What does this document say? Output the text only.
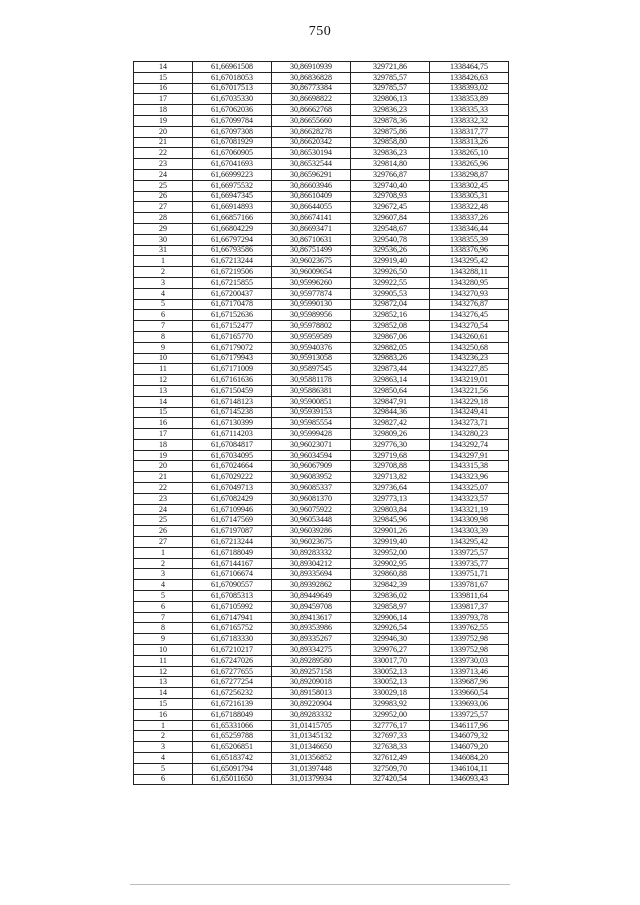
750
14	61,66961508	30,86910939	329721,86	1338464,75
15	61,67018053	30,86836828	329785,57	1338426,63
16	61,67017513	30,86773384	329785,57	1338393,02
17	61,67035330	30,86698822	329806,13	1338353,89
18	61,67062036	30,86662768	329836,23	1338335,33
19	61,67099784	30,86655660	329878,36	1338332,32
20	61,67097308	30,86628278	329875,86	1338317,77
21	61,67081929	30,86620342	329858,80	1338313,26
22	61,67060905	30,86530194	329836,23	1338265,10
23	61,67041693	30,86532544	329814,80	1338265,96
24	61,66999223	30,86596291	329766,87	1338298,87
25	61,66975532	30,86603946	329740,40	1338302,45
26	61,66947345	30,86610409	329708,93	1338305,31
27	61,66914893	30,86644055	329672,45	1338322,48
28	61,66857166	30,86674141	329607,84	1338337,26
29	61,66804229	30,86693471	329548,67	1338346,44
30	61,66797294	30,86710631	329540,78	1338355,39
31	61,66793586	30,86751499	329536,26	1338376,96
1	61,67213244	30,96023675	329919,40	1343295,42
2	61,67219506	30,96009654	329926,50	1343288,11
3	61,67215855	30,95996260	329922,55	1343280,95
4	61,67200437	30,95977874	329905,53	1343270,93
5	61,67170478	30,95990130	329872,04	1343276,87
6	61,67152636	30,95989956	329852,16	1343276,45
7	61,67152477	30,95978802	329852,08	1343270,54
8	61,67165770	30,95959589	329867,06	1343260,61
9	61,67179072	30,95940376	329882,05	1343250,68
10	61,67179943	30,95913058	329883,26	1343236,23
11	61,67171009	30,95897545	329873,44	1343227,85
12	61,67161636	30,95881178	329863,14	1343219,01
13	61,67150459	30,95886381	329850,64	1343221,56
14	61,67148123	30,95900851	329847,91	1343229,18
15	61,67145238	30,95939153	329844,36	1343249,41
16	61,67130399	30,95985554	329827,42	1343273,71
17	61,67114203	30,95999428	329809,26	1343280,23
18	61,67084817	30,96023071	329776,30	1343292,74
19	61,67034095	30,96034594	329719,68	1343297,91
20	61,67024664	30,96067909	329708,88	1343315,38
21	61,67029222	30,96083952	329713,82	1343323,96
22	61,67049713	30,96085337	329736,64	1343325,07
23	61,67082429	30,96081370	329773,13	1343323,57
24	61,67109946	30,96075922	329803,84	1343321,19
25	61,67147569	30,96053448	329845,96	1343309,98
26	61,67197087	30,96039286	329901,26	1343303,39
27	61,67213244	30,96023675	329919,40	1343295,42
1	61,67188049	30,89283332	329952,00	1339725,57
2	61,67144167	30,89304212	329902,95	1339735,77
3	61,67106674	30,89335694	329860,88	1339751,71
4	61,67090557	30,89392862	329842,39	1339781,67
5	61,67085313	30,89449649	329836,02	1339811,64
6	61,67105992	30,89459708	329858,97	1339817,37
7	61,67147941	30,89413617	329906,14	1339793,78
8	61,67165752	30,89353986	329926,54	1339762,55
9	61,67183330	30,89335267	329946,30	1339752,98
10	61,67210217	30,89334275	329976,27	1339752,98
11	61,67247026	30,89289580	330017,70	1339730,03
12	61,67277655	30,89257158	330052,13	1339713,46
13	61,67277254	30,89209018	330052,13	1339687,96
14	61,67256232	30,89158013	330029,18	1339660,54
15	61,67216139	30,89220904	329983,92	1339693,06
16	61,67188049	30,89283332	329952,00	1339725,57
1	61,65331066	31,01415705	327776,17	1346117,96
2	61,65259788	31,01345132	327697,33	1346079,32
3	61,65206851	31,01346650	327638,33	1346079,20
4	61,65183742	31,01356852	327612,49	1346084,20
5	61,65091794	31,01397448	327509,70	1346104,11
6	61,65011650	31,01379934	327420,54	1346093,43
